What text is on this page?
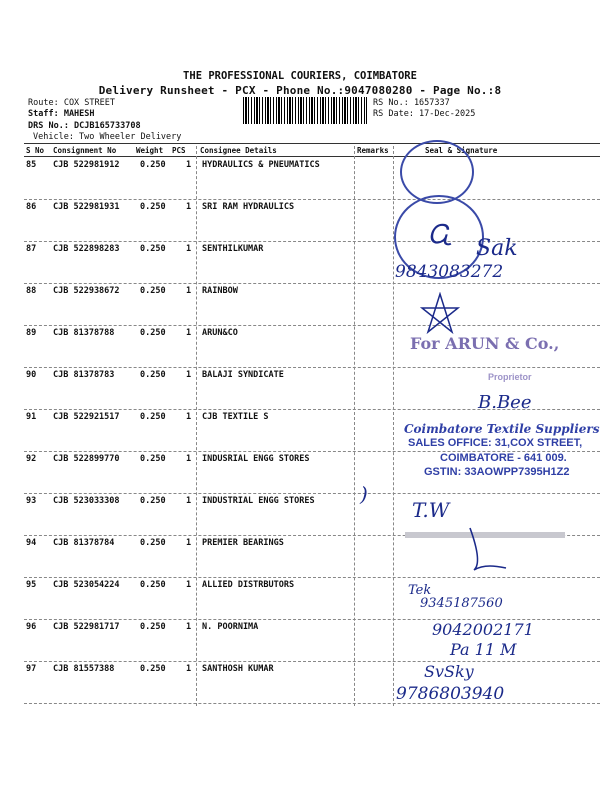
THE PROFESSIONAL COURIERS, COIMBATORE
Delivery Runsheet - PCX - Phone No.:9047080280 - Page No.:8
Route: COX STREET
Staff: MAHESH
DRS No.: DCJB165733708
Vehicle: Two Wheeler Delivery
RS No.: 1657337
RS Date: 17-Dec-2025
S No Consignment No	Weight PCS Consignee Details	Remarks	Seal & Signature
85 CJB 522981912 0.250 1 HYDRAULICS & PNEUMATICS
86 CJB 522981931 0.250 1 SRI RAM HYDRAULICS
87 CJB 522898283 0.250 1 SENTHILKUMAR
88 CJB 522938672 0.250 1 RAINBOW
89 CJB 81378788	0.250 1 ARUN&CO
90 CJB 81378783	0.250 1 BALAJI SYNDICATE
91 CJB 522921517 0.250 1 CJB TEXTILE S
92 CJB 522899770 0.250 1 INDUSRIAL ENGG STORES
93 CJB 523033308 0.250 1 INDUSTRIAL ENGG STORES
94 CJB 81378784	0.250 1 PREMIER BEARINGS
95 CJB 523054224 0.250 1 ALLIED DISTRBUTORS
96 CJB 522981717 0.250 1 N. POORNIMA
97 CJB 81557388	0.250 1 SANTHOSH KUMAR
Ꮹ Sak
9843083272
For ARUN & Co.,
Proprietor
B.Bee
Coimbatore Textile Suppliers
SALES OFFICE: 31,COX STREET,
COIMBATORE - 641 009.
GSTIN: 33AOWPP7395H1Z2
)
T.W
Tek
9345187560
9042002171
Pa 11 M
SvSky
9786803940
